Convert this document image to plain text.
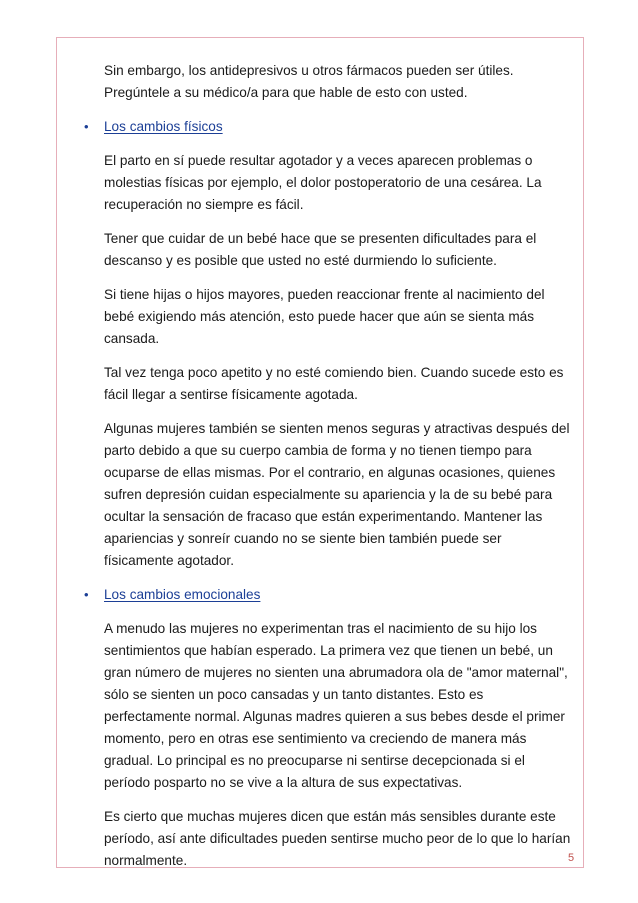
Sin embargo, los antidepresivos u otros fármacos pueden ser útiles. Pregúntele a su médico/a para que hable de esto con usted.

• Los cambios físicos

El parto en sí puede resultar agotador y a veces aparecen problemas o molestias físicas por ejemplo, el dolor postoperatorio de una cesárea. La recuperación no siempre es fácil.

Tener que cuidar de un bebé hace que se presenten dificultades para el descanso y es posible que usted no esté durmiendo lo suficiente.

Si tiene hijas o hijos mayores, pueden reaccionar frente al nacimiento del bebé exigiendo más atención, esto puede hacer que aún se sienta más cansada.

Tal vez tenga poco apetito y no esté comiendo bien. Cuando sucede esto es fácil llegar a sentirse físicamente agotada.

Algunas mujeres también se sienten menos seguras y atractivas después del parto debido a que su cuerpo cambia de forma y no tienen tiempo para ocuparse de ellas mismas. Por el contrario, en algunas ocasiones, quienes sufren depresión cuidan especialmente su apariencia y la de su bebé para ocultar la sensación de fracaso que están experimentando. Mantener las apariencias y sonreír cuando no se siente bien también puede ser físicamente agotador.

• Los cambios emocionales

A menudo las mujeres no experimentan tras el nacimiento de su hijo los sentimientos que habían esperado. La primera vez que tienen un bebé, un gran número de mujeres no sienten una abrumadora ola de "amor maternal", sólo se sienten un poco cansadas y un tanto distantes. Esto es perfectamente normal. Algunas madres quieren a sus bebes desde el primer momento, pero en otras ese sentimiento va creciendo de manera más gradual. Lo principal es no preocuparse ni sentirse decepcionada si el período posparto no se vive a la altura de sus expectativas.

Es cierto que muchas mujeres dicen que están más sensibles durante este período, así ante dificultades pueden sentirse mucho peor de lo que lo harían normalmente.	5
